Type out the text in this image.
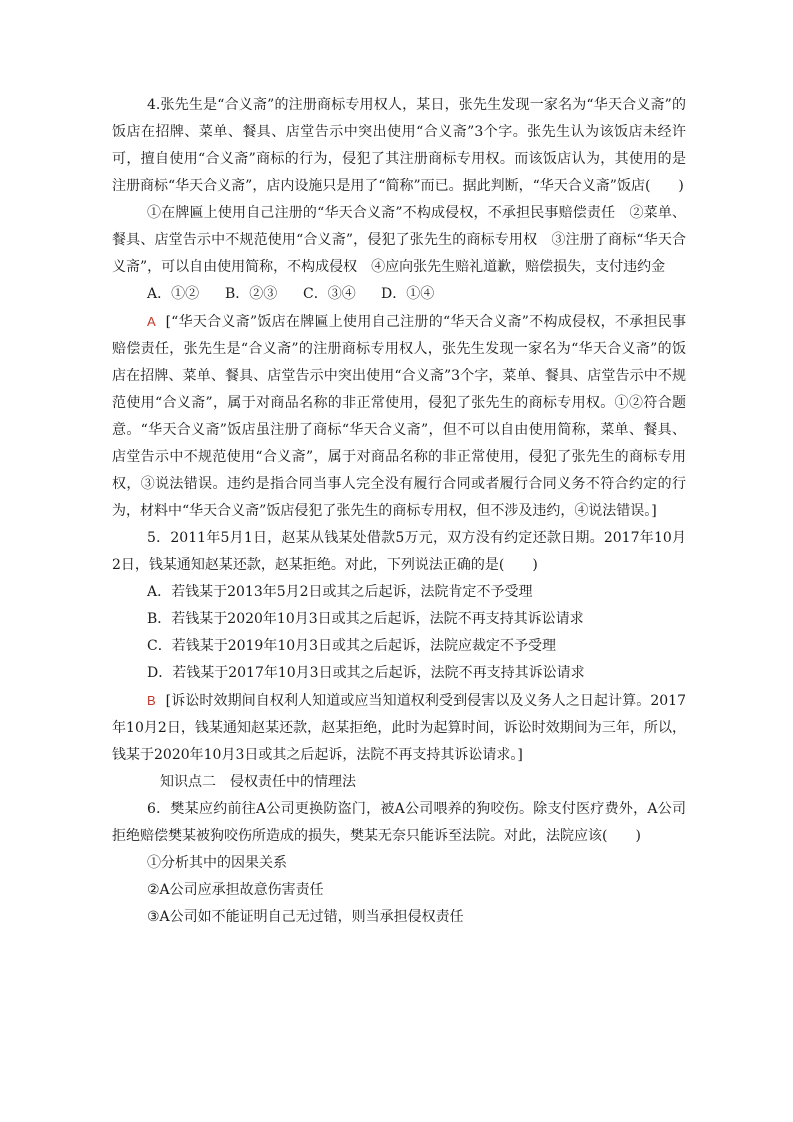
4.张先生是“合义斋”的注册商标专用权人，某日，张先生发现一家名为“华天合义斋”的饭店在招牌、菜单、餐具、店堂告示中突出使用“合义斋”3个字。张先生认为该饭店未经许可，擅自使用“合义斋”商标的行为，侵犯了其注册商标专用权。而该饭店认为，其使用的是注册商标“华天合义斋”，店内设施只是用了“简称”而已。据此判断，“华天合义斋”饭店(　　)

①在牌匾上使用自己注册的“华天合义斋”不构成侵权，不承担民事赔偿责任　②菜单、餐具、店堂告示中不规范使用“合义斋”，侵犯了张先生的商标专用权　③注册了商标“华天合义斋”，可以自由使用简称，不构成侵权　④应向张先生赔礼道歉，赔偿损失，支付违约金

A．①②	B．②③	C．③④	D．①④

A [“华天合义斋”饭店在牌匾上使用自己注册的“华天合义斋”不构成侵权，不承担民事赔偿责任，张先生是“合义斋”的注册商标专用权人，张先生发现一家名为“华天合义斋”的饭店在招牌、菜单、餐具、店堂告示中突出使用“合义斋”3个字，菜单、餐具、店堂告示中不规范使用“合义斋”，属于对商品名称的非正常使用，侵犯了张先生的商标专用权。①②符合题意。“华天合义斋”饭店虽注册了商标“华天合义斋”，但不可以自由使用简称，菜单、餐具、店堂告示中不规范使用“合义斋”，属于对商品名称的非正常使用，侵犯了张先生的商标专用权，③说法错误。违约是指合同当事人完全没有履行合同或者履行合同义务不符合约定的行为，材料中“华天合义斋”饭店侵犯了张先生的商标专用权，但不涉及违约，④说法错误。]

5．2011年5月1日，赵某从钱某处借款5万元，双方没有约定还款日期。2017年10月2日，钱某通知赵某还款，赵某拒绝。对此，下列说法正确的是(　　)

A．若钱某于2013年5月2日或其之后起诉，法院肯定不予受理

B．若钱某于2020年10月3日或其之后起诉，法院不再支持其诉讼请求

C．若钱某于2019年10月3日或其之后起诉，法院应裁定不予受理

D．若钱某于2017年10月3日或其之后起诉，法院不再支持其诉讼请求

B [诉讼时效期间自权利人知道或应当知道权利受到侵害以及义务人之日起计算。2017年10月2日，钱某通知赵某还款，赵某拒绝，此时为起算时间，诉讼时效期间为三年，所以，钱某于2020年10月3日或其之后起诉，法院不再支持其诉讼请求。]

知识点二　侵权责任中的情理法

6．樊某应约前往A公司更换防盗门，被A公司喂养的狗咬伤。除支付医疗费外，A公司拒绝赔偿樊某被狗咬伤所造成的损失，樊某无奈只能诉至法院。对此，法院应该(　　)

①分析其中的因果关系

②A公司应承担故意伤害责任

③A公司如不能证明自己无过错，则当承担侵权责任
